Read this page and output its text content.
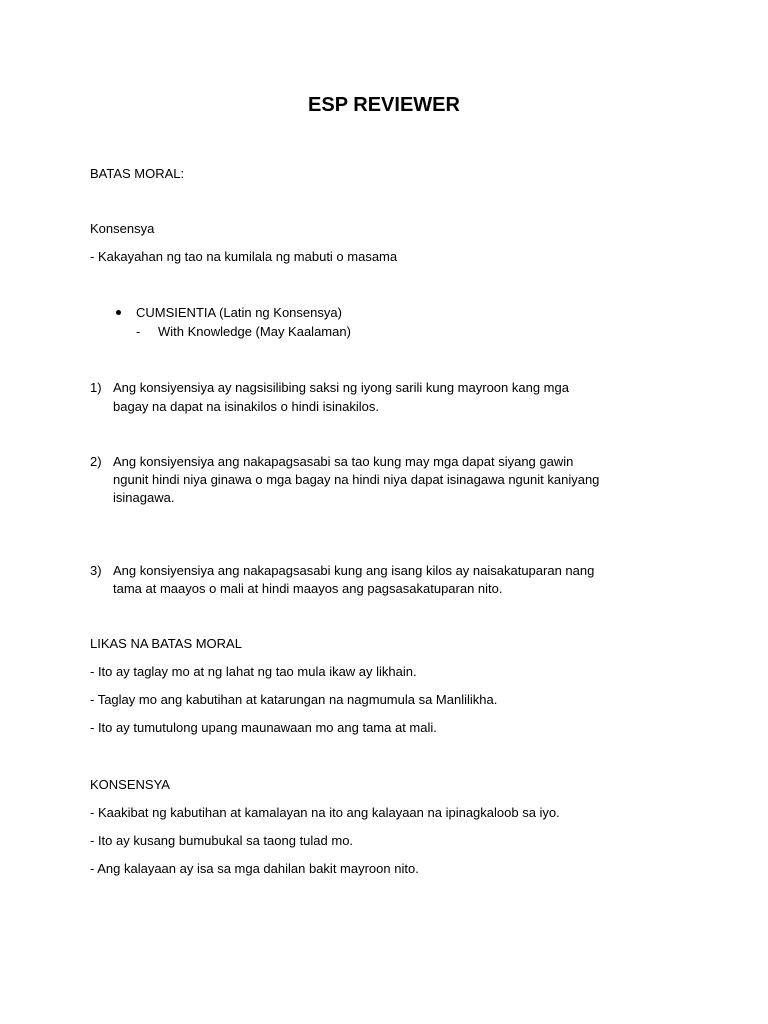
ESP REVIEWER
BATAS MORAL:
Konsensya
- Kakayahan ng tao na kumilala ng mabuti o masama
CUMSIENTIA (Latin ng Konsensya)
- With Knowledge (May Kaalaman)
1) Ang konsiyensiya ay nagsisilibing saksi ng iyong sarili kung mayroon kang mga
bagay na dapat na isinakilos o hindi isinakilos.
2) Ang konsiyensiya ang nakapagsasabi sa tao kung may mga dapat siyang gawin
ngunit hindi niya ginawa o mga bagay na hindi niya dapat isinagawa ngunit kaniyang
isinagawa.
3) Ang konsiyensiya ang nakapagsasabi kung ang isang kilos ay naisakatuparan nang
tama at maayos o mali at hindi maayos ang pagsasakatuparan nito.
LIKAS NA BATAS MORAL
- Ito ay taglay mo at ng lahat ng tao mula ikaw ay likhain.
- Taglay mo ang kabutihan at katarungan na nagmumula sa Manlilikha.
- Ito ay tumutulong upang maunawaan mo ang tama at mali.
KONSENSYA
- Kaakibat ng kabutihan at kamalayan na ito ang kalayaan na ipinagkaloob sa iyo.
- Ito ay kusang bumubukal sa taong tulad mo.
- Ang kalayaan ay isa sa mga dahilan bakit mayroon nito.
